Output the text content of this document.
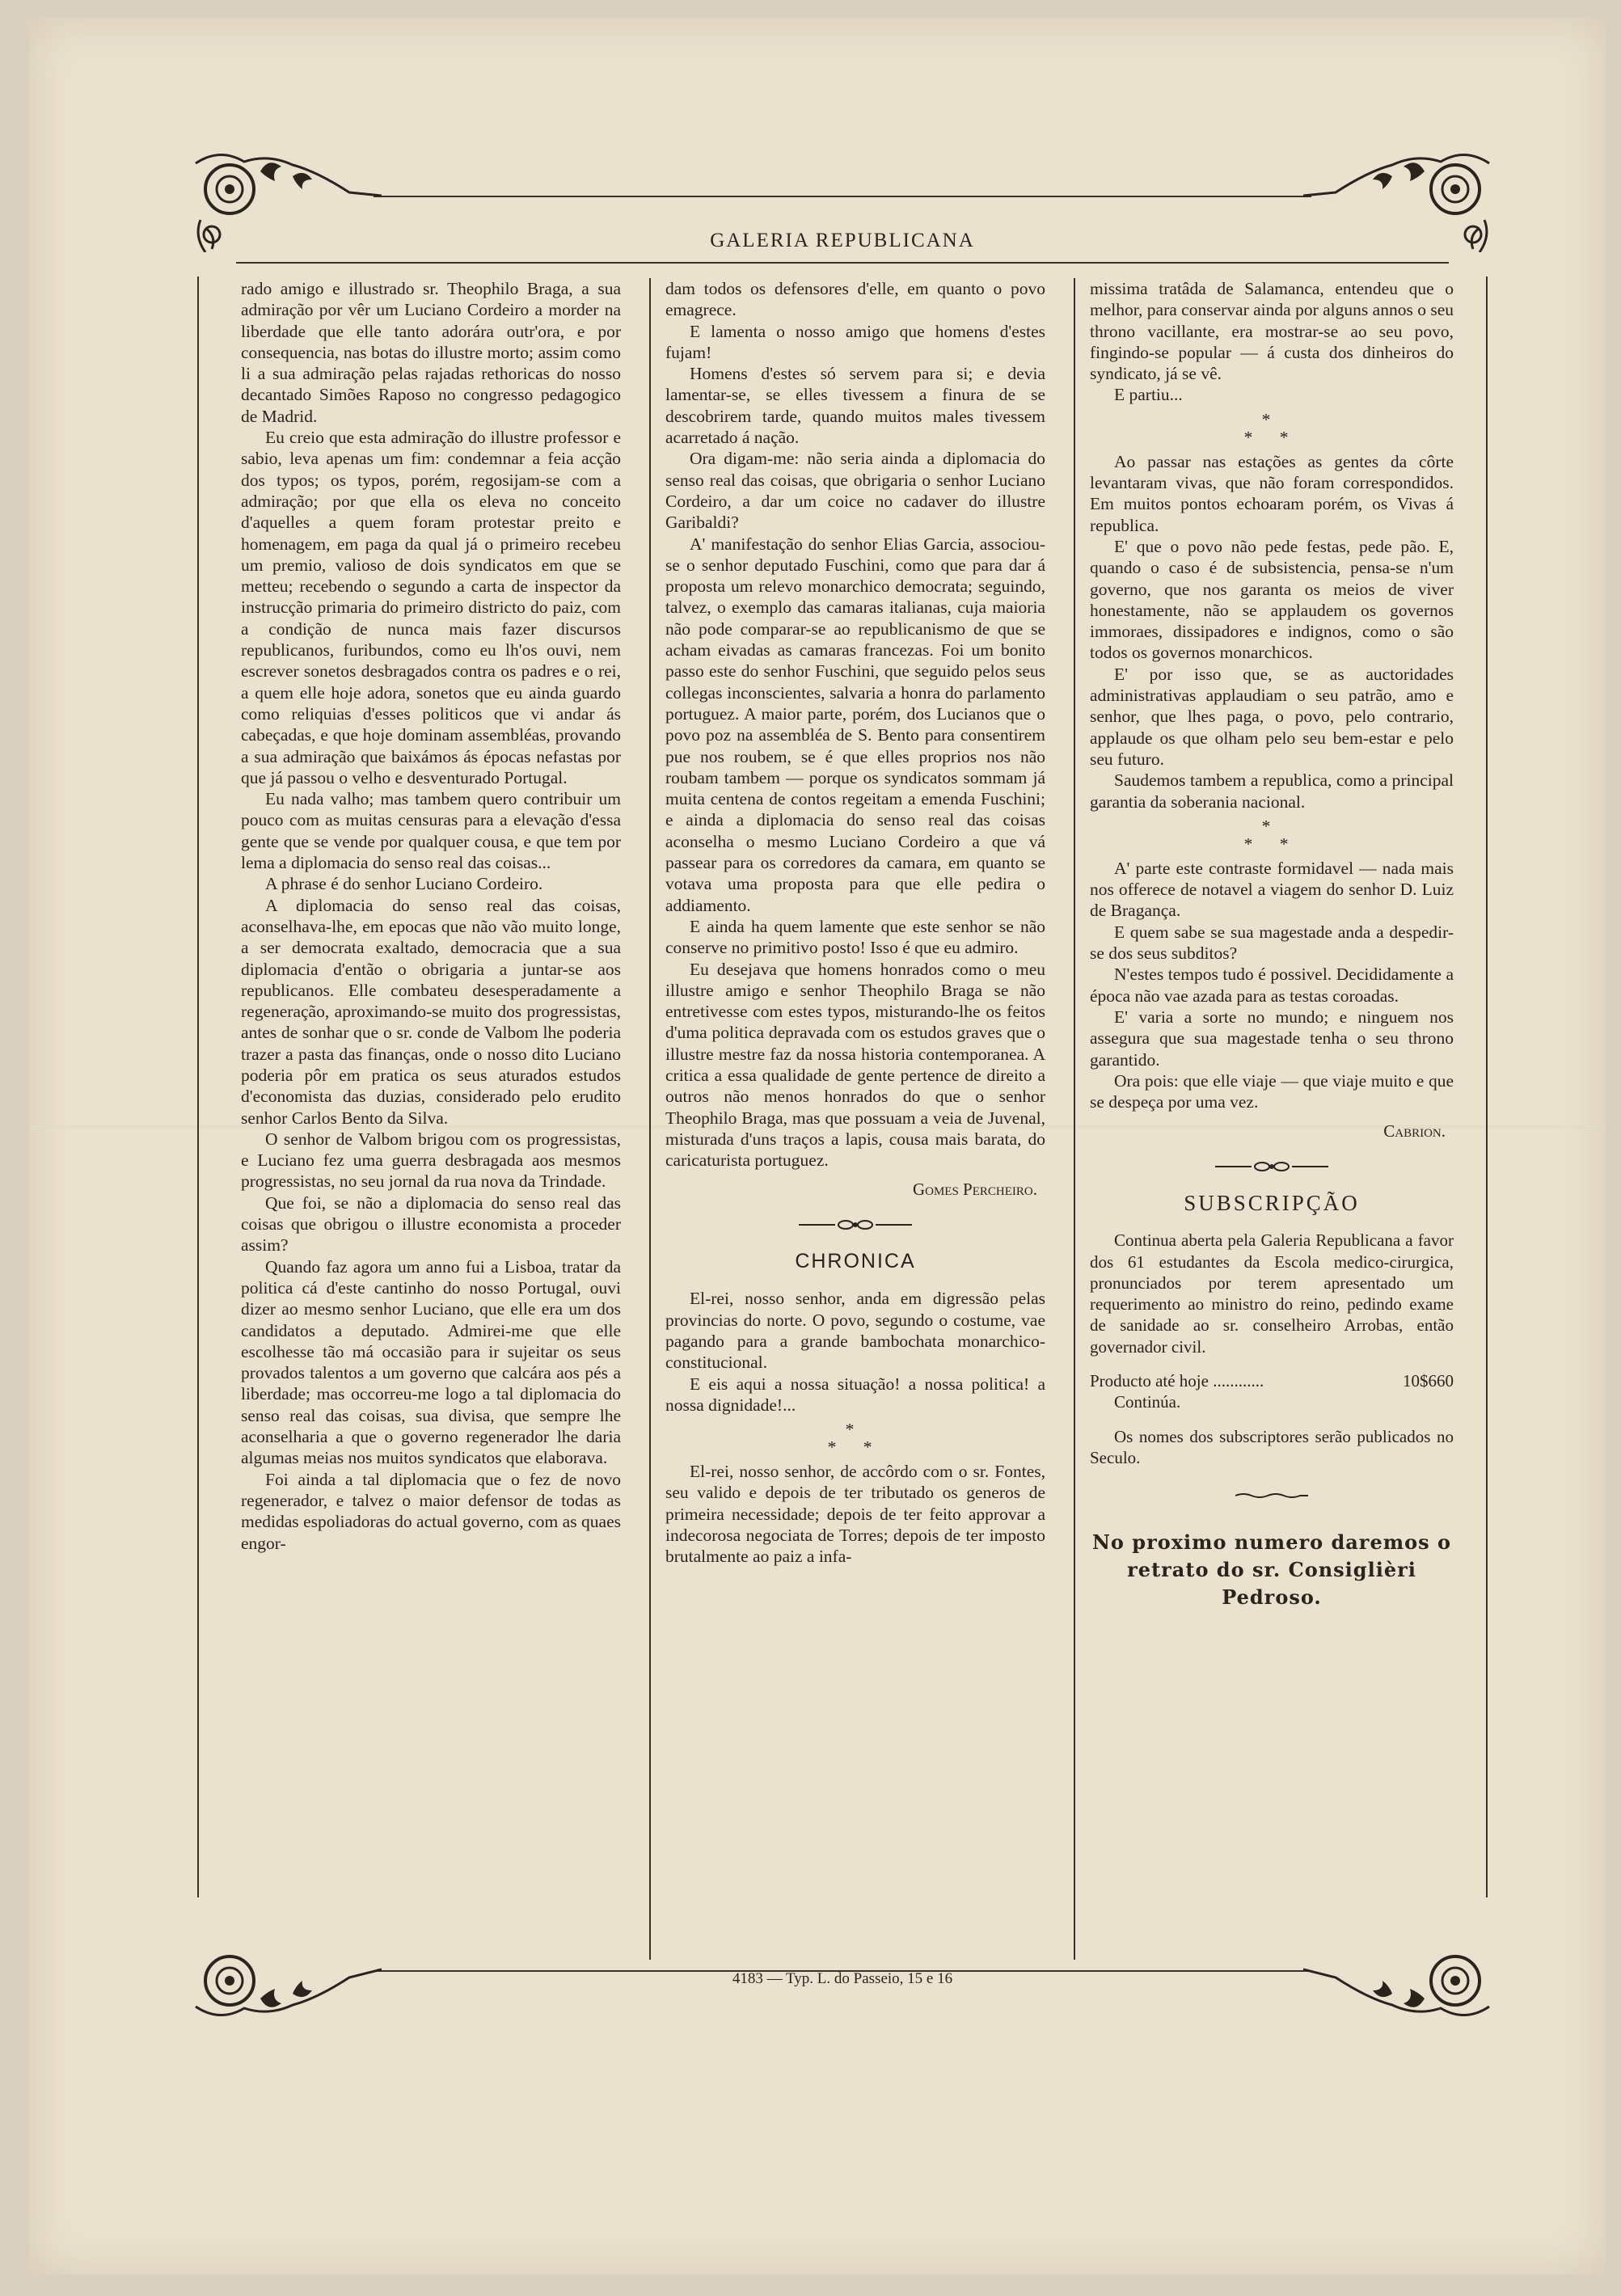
GALERIA REPUBLICANA

rado amigo e illustrado sr. Theophilo Braga, a sua admiração por vêr um Luciano Cordeiro a morder na liberdade que elle tanto adorára outr'ora, e por consequencia, nas botas do illustre morto; assim como li a sua admiração pelas rajadas rethoricas do nosso decantado Simões Raposo no congresso pedagogico de Madrid.

Eu creio que esta admiração do illustre professor e sabio, leva apenas um fim: condemnar a feia acção dos typos; os typos, porém, regosijam-se com a admiração; por que ella os eleva no conceito d'aquelles a quem foram protestar preito e homenagem, em paga da qual já o primeiro recebeu um premio, valioso de dois syndicatos em que se metteu; recebendo o segundo a carta de inspector da instrucção primaria do primeiro districto do paiz, com a condição de nunca mais fazer discursos republicanos, furibundos, como eu lh'os ouvi, nem escrever sonetos desbragados contra os padres e o rei, a quem elle hoje adora, sonetos que eu ainda guardo como reliquias d'esses politicos que vi andar ás cabeçadas, e que hoje dominam assembléas, provando a sua admiração que baixámos ás épocas nefastas por que já passou o velho e desventurado Portugal.

Eu nada valho; mas tambem quero contribuir um pouco com as muitas censuras para a elevação d'essa gente que se vende por qualquer cousa, e que tem por lema a diplomacia do senso real das coisas...

A phrase é do senhor Luciano Cordeiro.

A diplomacia do senso real das coisas, aconselhava-lhe, em epocas que não vão muito longe, a ser democrata exaltado, democracia que a sua diplomacia d'então o obrigaria a juntar-se aos republicanos. Elle combateu desesperadamente a regeneração, aproximando-se muito dos progressistas, antes de sonhar que o sr. conde de Valbom lhe poderia trazer a pasta das finanças, onde o nosso dito Luciano poderia pôr em pratica os seus aturados estudos d'economista das duzias, considerado pelo erudito senhor Carlos Bento da Silva.

O senhor de Valbom brigou com os progressistas, e Luciano fez uma guerra desbragada aos mesmos progressistas, no seu jornal da rua nova da Trindade.

Que foi, se não a diplomacia do senso real das coisas que obrigou o illustre economista a proceder assim?

Quando faz agora um anno fui a Lisboa, tratar da politica cá d'este cantinho do nosso Portugal, ouvi dizer ao mesmo senhor Luciano, que elle era um dos candidatos a deputado. Admirei-me que elle escolhesse tão má occasião para ir sujeitar os seus provados talentos a um governo que calcára aos pés a liberdade; mas occorreu-me logo a tal diplomacia do senso real das coisas, sua divisa, que sempre lhe aconselharia a que o governo regenerador lhe daria algumas meias nos muitos syndicatos que elaborava.

Foi ainda a tal diplomacia que o fez de novo regenerador, e talvez o maior defensor de todas as medidas espoliadoras do actual governo, com as quaes engor-

dam todos os defensores d'elle, em quanto o povo emagrece.

E lamenta o nosso amigo que homens d'estes fujam!

Homens d'estes só servem para si; e devia lamentar-se, se elles tivessem a finura de se descobrirem tarde, quando muitos males tivessem acarretado á nação.

Ora digam-me: não seria ainda a diplomacia do senso real das coisas, que obrigaria o senhor Luciano Cordeiro, a dar um coice no cadaver do illustre Garibaldi?

A' manifestação do senhor Elias Garcia, associou-se o senhor deputado Fuschini, como que para dar á proposta um relevo monarchico democrata; seguindo, talvez, o exemplo das camaras italianas, cuja maioria não pode comparar-se ao republicanismo de que se acham eivadas as camaras francezas. Foi um bonito passo este do senhor Fuschini, que seguido pelos seus collegas inconscientes, salvaria a honra do parlamento portuguez. A maior parte, porém, dos Lucianos que o povo poz na assembléa de S. Bento para consentirem pue nos roubem, se é que elles proprios nos não roubam tambem — porque os syndicatos sommam já muita centena de contos regeitam a emenda Fuschini; e ainda a diplomacia do senso real das coisas aconselha o mesmo Luciano Cordeiro a que vá passear para os corredores da camara, em quanto se votava uma proposta para que elle pedira o addiamento.

E ainda ha quem lamente que este senhor se não conserve no primitivo posto! Isso é que eu admiro.

Eu desejava que homens honrados como o meu illustre amigo e senhor Theophilo Braga se não entretivesse com estes typos, misturando-lhe os feitos d'uma politica depravada com os estudos graves que o illustre mestre faz da nossa historia contemporanea. A critica a essa qualidade de gente pertence de direito a outros não menos honrados do que o senhor Theophilo Braga, mas que possuam a veia de Juvenal, misturada d'uns traços a lapis, cousa mais barata, do caricaturista portuguez.

Gomes Percheiro.

CHRONICA

El-rei, nosso senhor, anda em digressão pelas provincias do norte. O povo, segundo o costume, vae pagando para a grande bambochata monarchico-constitucional.

E eis aqui a nossa situação! a nossa politica! a nossa dignidade!...

*
* *

El-rei, nosso senhor, de accôrdo com o sr. Fontes, seu valido e depois de ter tributado os generos de primeira necessidade; depois de ter feito approvar a indecorosa negociata de Torres; depois de ter imposto brutalmente ao paiz a infa-

missima tratâda de Salamanca, entendeu que o melhor, para conservar ainda por alguns annos o seu throno vacillante, era mostrar-se ao seu povo, fingindo-se popular — á custa dos dinheiros do syndicato, já se vê.

E partiu...

*
* *

Ao passar nas estações as gentes da côrte levantaram vivas, que não foram correspondidos. Em muitos pontos echoaram porém, os Vivas á republica.

E' que o povo não pede festas, pede pão. E, quando o caso é de subsistencia, pensa-se n'um governo, que nos garanta os meios de viver honestamente, não se applaudem os governos immoraes, dissipadores e indignos, como o são todos os governos monarchicos.

E' por isso que, se as auctoridades administrativas applaudiam o seu patrão, amo e senhor, que lhes paga, o povo, pelo contrario, applaude os que olham pelo seu bem-estar e pelo seu futuro.

Saudemos tambem a republica, como a principal garantia da soberania nacional.

*
* *

A' parte este contraste formidavel — nada mais nos offerece de notavel a viagem do senhor D. Luiz de Bragança.

E quem sabe se sua magestade anda a despedir-se dos seus subditos?

N'estes tempos tudo é possivel. Decididamente a época não vae azada para as testas coroadas.

E' varia a sorte no mundo; e ninguem nos assegura que sua magestade tenha o seu throno garantido.

Ora pois: que elle viaje — que viaje muito e que se despeça por uma vez.

Cabrion.

SUBSCRIPÇÃO

Continua aberta pela Galeria Republicana a favor dos 61 estudantes da Escola medico-cirurgica, pronunciados por terem apresentado um requerimento ao ministro do reino, pedindo exame de sanidade ao sr. conselheiro Arrobas, então governador civil.

Producto até hoje ............	10$660

Continúa.

Os nomes dos subscriptores serão publicados no Seculo.

No proximo numero daremos o retrato do sr. Consiglièri Pedroso.

4183 — Typ. L. do Passeio, 15 e 16
